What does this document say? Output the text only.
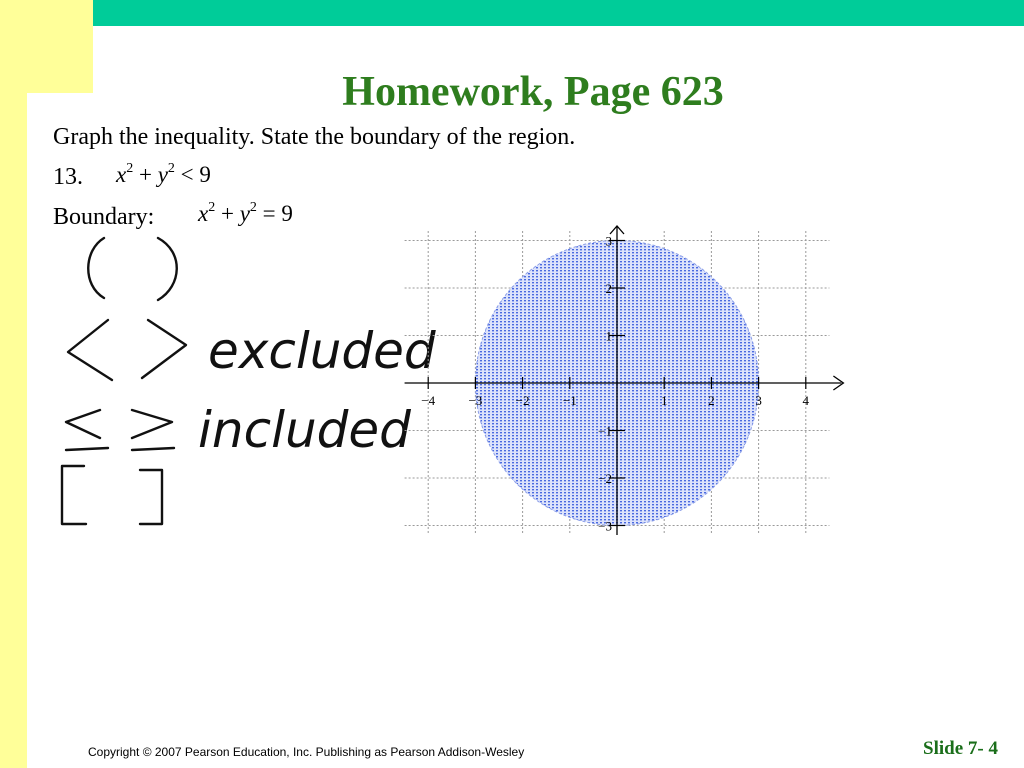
Homework, Page 623
Graph the inequality. State the boundary of the region.
13. $x^2 + y^2 < 9$
Boundary: $x^2 + y^2 = 9$
excluded
included
−4	−3	−2	−1	1	2	3	4
3
2
1
−1
−2
−3
Copyright © 2007 Pearson Education, Inc. Publishing as Pearson Addison-Wesley	Slide 7- 4
